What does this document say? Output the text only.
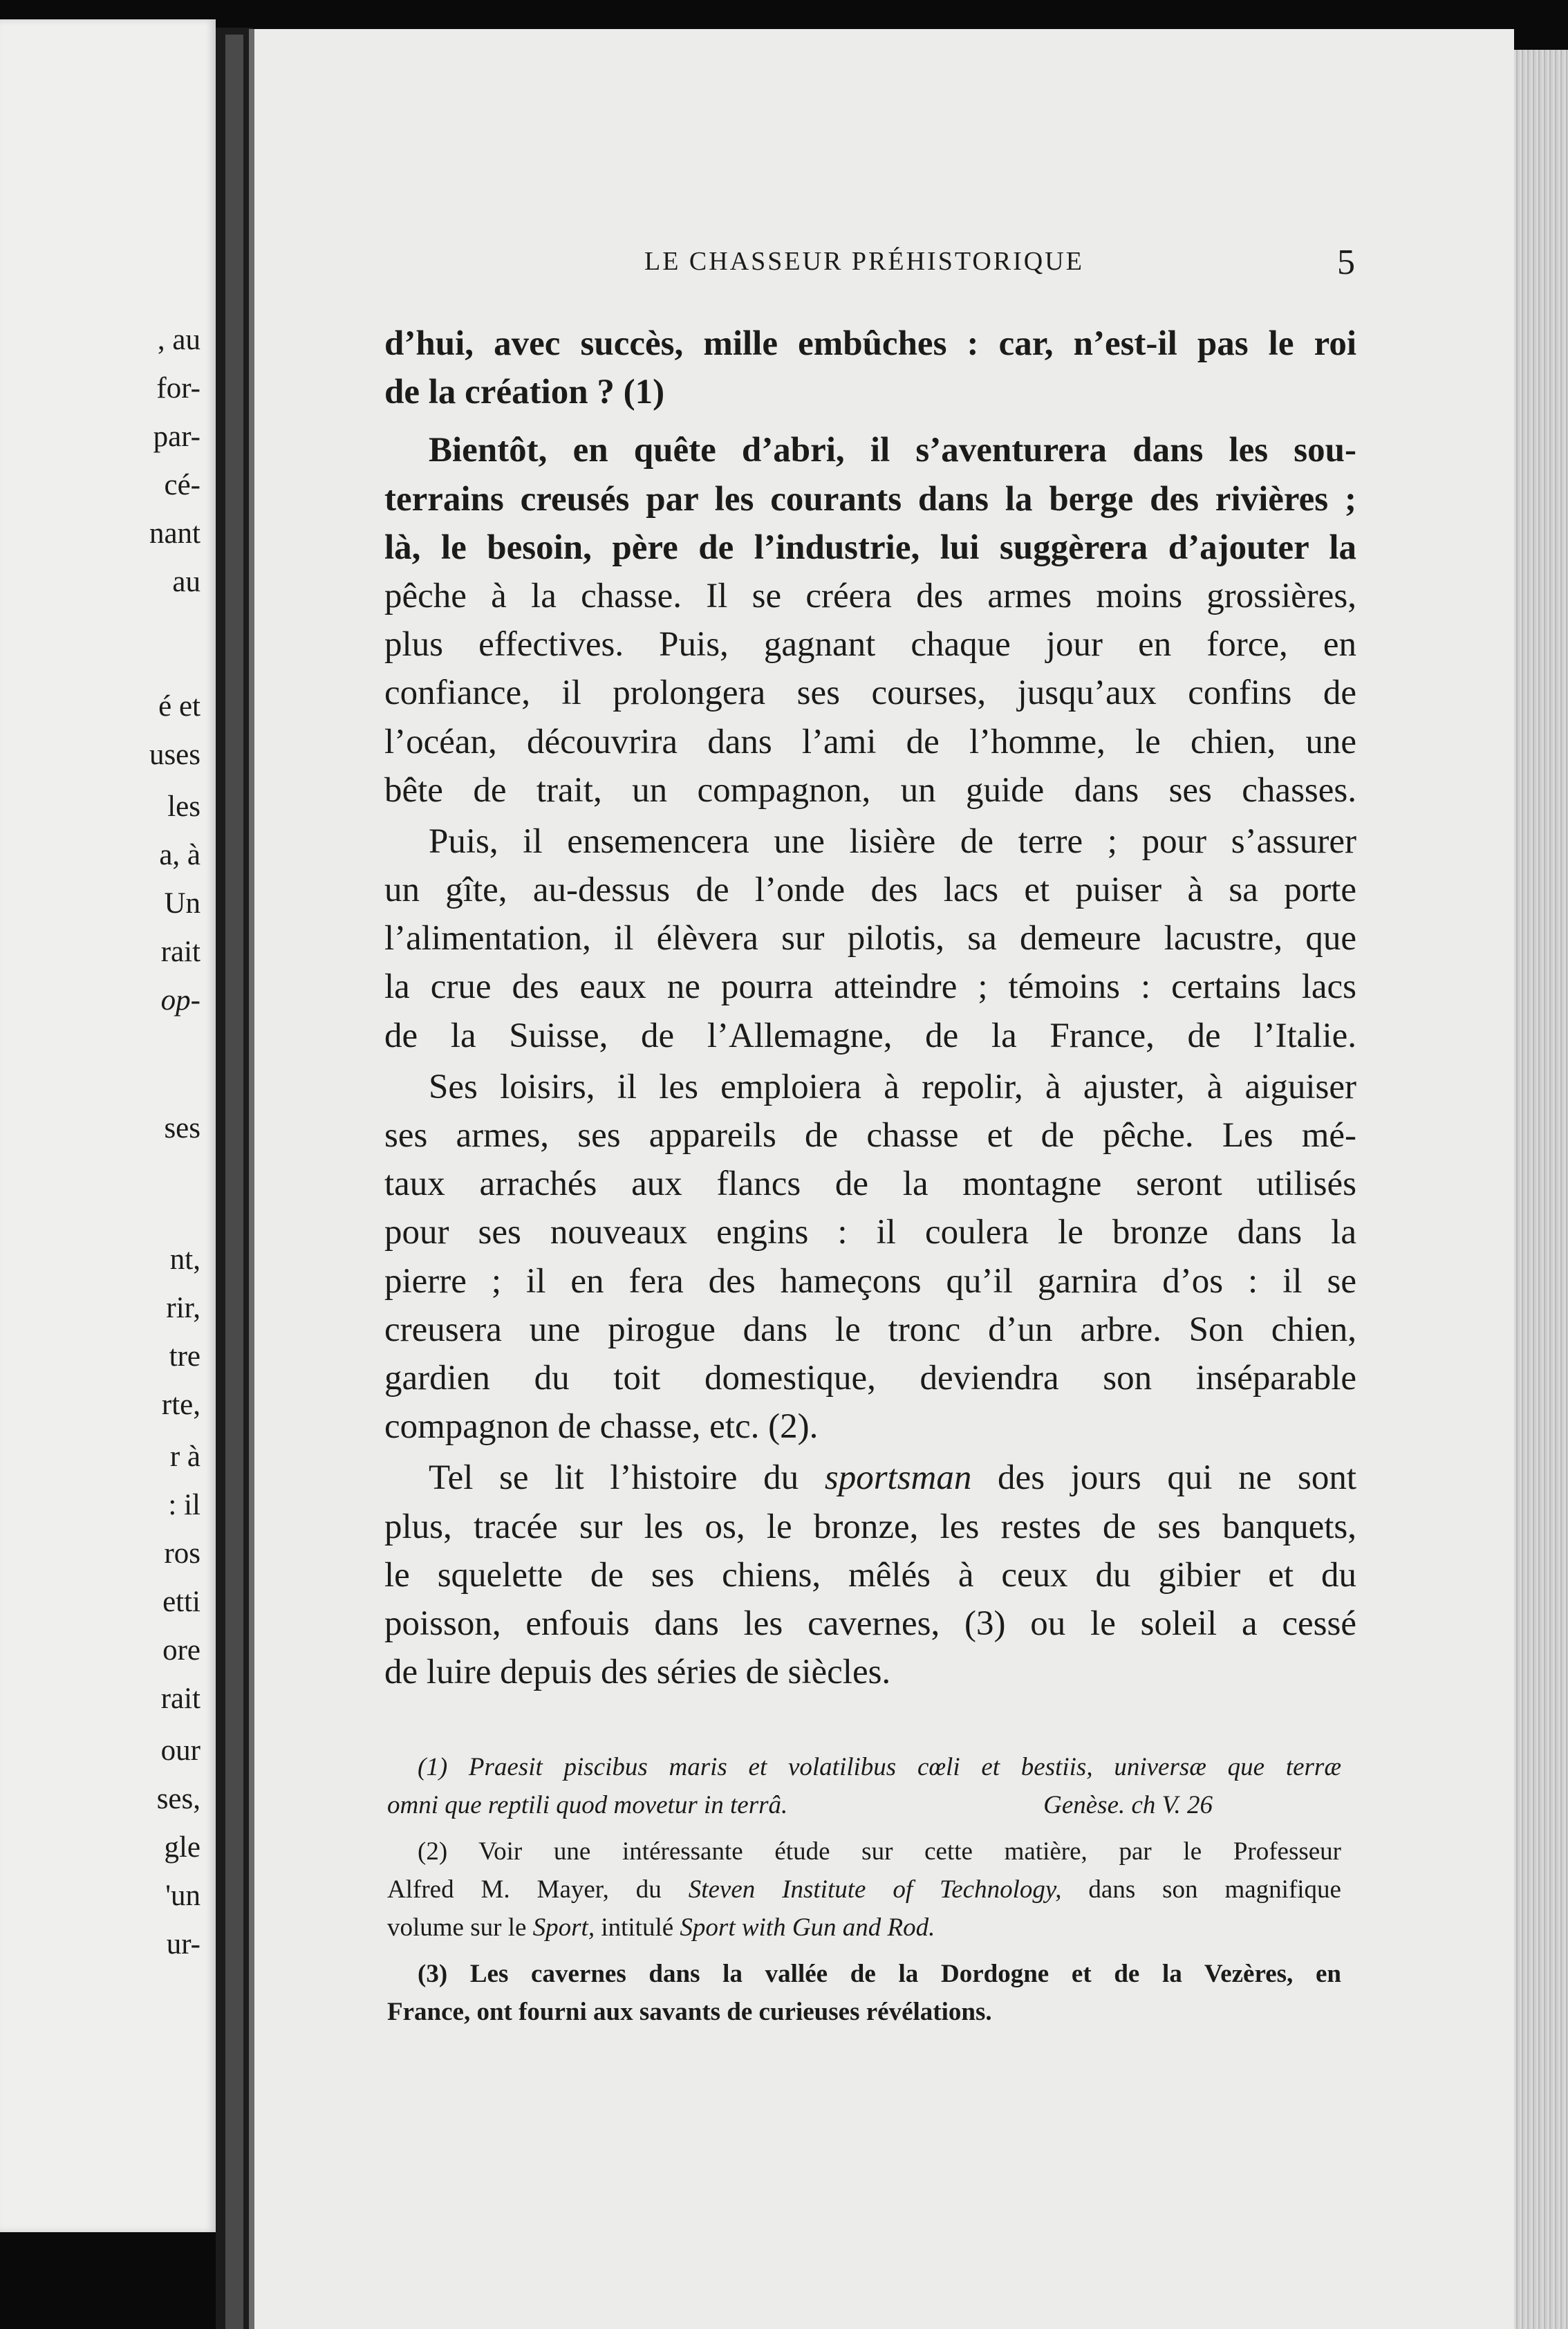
, au
for-
par-
cé-
nant
au
é et
uses
les
a, à
Un
rait
op-
ses
nt,
rir,
tre
rte,
r à
: il
ros
etti
ore
rait
our
ses,
gle
'un
ur-
LE CHASSEUR PRÉHISTORIQUE	5
d’hui, avec succès, mille embûches : car, n’est-il pas le roi
de la création ? (1)
Bientôt, en quête d’abri, il s’aventurera dans les sou-
terrains creusés par les courants dans la berge des rivières ;
là, le besoin, père de l’industrie, lui suggèrera d’ajouter la
pêche à la chasse. Il se créera des armes moins grossières,
plus effectives. Puis, gagnant chaque jour en force, en
confiance, il prolongera ses courses, jusqu’aux confins de
l’océan, découvrira dans l’ami de l’homme, le chien, une
bête de trait, un compagnon, un guide dans ses chasses.
Puis, il ensemencera une lisière de terre ; pour s’assurer
un gîte, au-dessus de l’onde des lacs et puiser à sa porte
l’alimentation, il élèvera sur pilotis, sa demeure lacustre, que
la crue des eaux ne pourra atteindre ; témoins : certains lacs
de la Suisse, de l’Allemagne, de la France, de l’Italie.
Ses loisirs, il les emploiera à repolir, à ajuster, à aiguiser
ses armes, ses appareils de chasse et de pêche. Les mé-
taux arrachés aux flancs de la montagne seront utilisés
pour ses nouveaux engins : il coulera le bronze dans la
pierre ; il en fera des hameçons qu’il garnira d’os : il se
creusera une pirogue dans le tronc d’un arbre. Son chien,
gardien du toit domestique, deviendra son inséparable
compagnon de chasse, etc. (2).
Tel se lit l’histoire du sportsman des jours qui ne sont
plus, tracée sur les os, le bronze, les restes de ses banquets,
le squelette de ses chiens, mêlés à ceux du gibier et du
poisson, enfouis dans les cavernes, (3) ou le soleil a cessé
de luire depuis des séries de siècles.
(1) Praesit piscibus maris et volatilibus cœli et bestiis, universæ que terræ
omni que reptili quod movetur in terrâ.	Genèse. ch V. 26
(2) Voir une intéressante étude sur cette matière, par le Professeur
Alfred M. Mayer, du Steven Institute of Technology, dans son magnifique
volume sur le Sport, intitulé Sport with Gun and Rod.
(3) Les cavernes dans la vallée de la Dordogne et de la Vezères, en
France, ont fourni aux savants de curieuses révélations.
